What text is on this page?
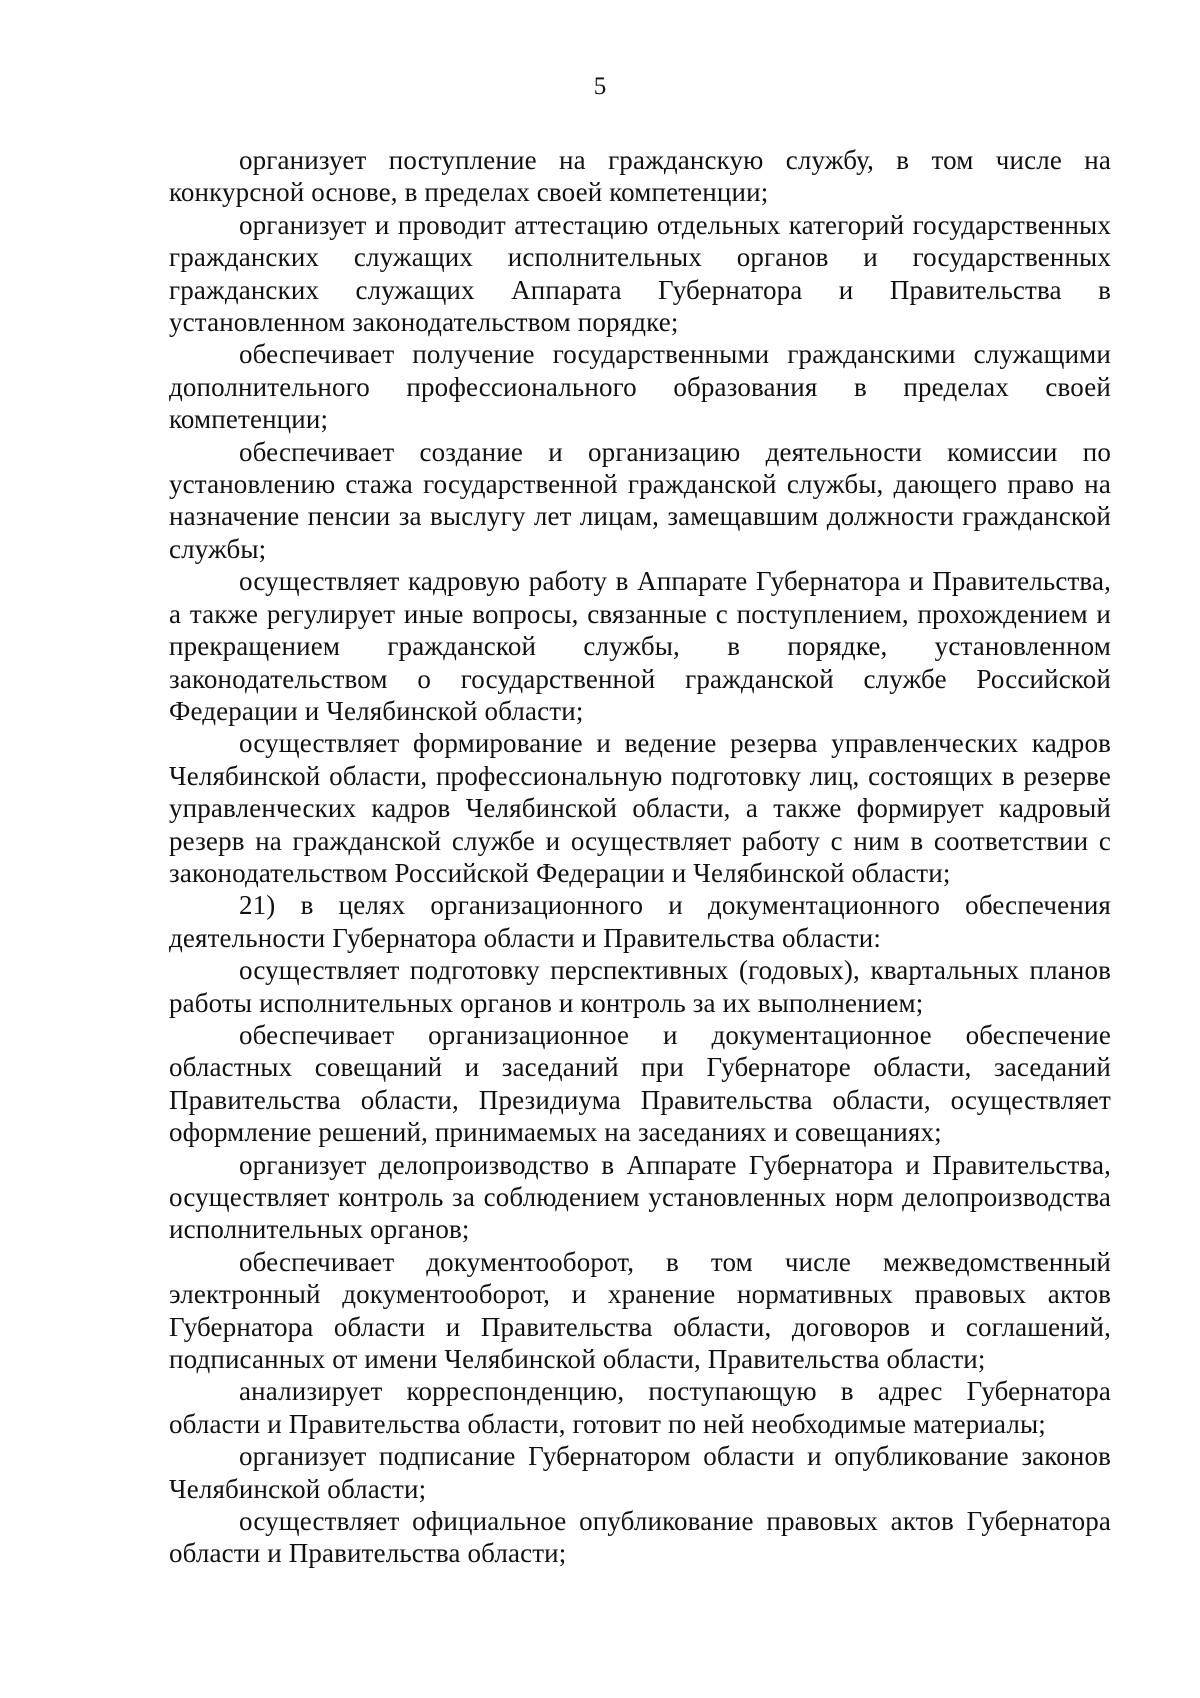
5

организует поступление на гражданскую службу, в том числе на конкурсной основе, в пределах своей компетенции;

организует и проводит аттестацию отдельных категорий государственных гражданских служащих исполнительных органов и государственных гражданских служащих Аппарата Губернатора и Правительства в установленном законодательством порядке;

обеспечивает получение государственными гражданскими служащими дополнительного профессионального образования в пределах своей компетенции;

обеспечивает создание и организацию деятельности комиссии по установлению стажа государственной гражданской службы, дающего право на назначение пенсии за выслугу лет лицам, замещавшим должности гражданской службы;

осуществляет кадровую работу в Аппарате Губернатора и Правительства, а также регулирует иные вопросы, связанные с поступлением, прохождением и прекращением гражданской службы, в порядке, установленном законодательством о государственной гражданской службе Российской Федерации и Челябинской области;

осуществляет формирование и ведение резерва управленческих кадров Челябинской области, профессиональную подготовку лиц, состоящих в резерве управленческих кадров Челябинской области, а также формирует кадровый резерв на гражданской службе и осуществляет работу с ним в соответствии с законодательством Российской Федерации и Челябинской области;

21) в целях организационного и документационного обеспечения деятельности Губернатора области и Правительства области:

осуществляет подготовку перспективных (годовых), квартальных планов работы исполнительных органов и контроль за их выполнением;

обеспечивает организационное и документационное обеспечение областных совещаний и заседаний при Губернаторе области, заседаний Правительства области, Президиума Правительства области, осуществляет оформление решений, принимаемых на заседаниях и совещаниях;

организует делопроизводство в Аппарате Губернатора и Правительства, осуществляет контроль за соблюдением установленных норм делопроизводства исполнительных органов;

обеспечивает документооборот, в том числе межведомственный электронный документооборот, и хранение нормативных правовых актов Губернатора области и Правительства области, договоров и соглашений, подписанных от имени Челябинской области, Правительства области;

анализирует корреспонденцию, поступающую в адрес Губернатора области и Правительства области, готовит по ней необходимые материалы;

организует подписание Губернатором области и опубликование законов Челябинской области;

осуществляет официальное опубликование правовых актов Губернатора области и Правительства области;
